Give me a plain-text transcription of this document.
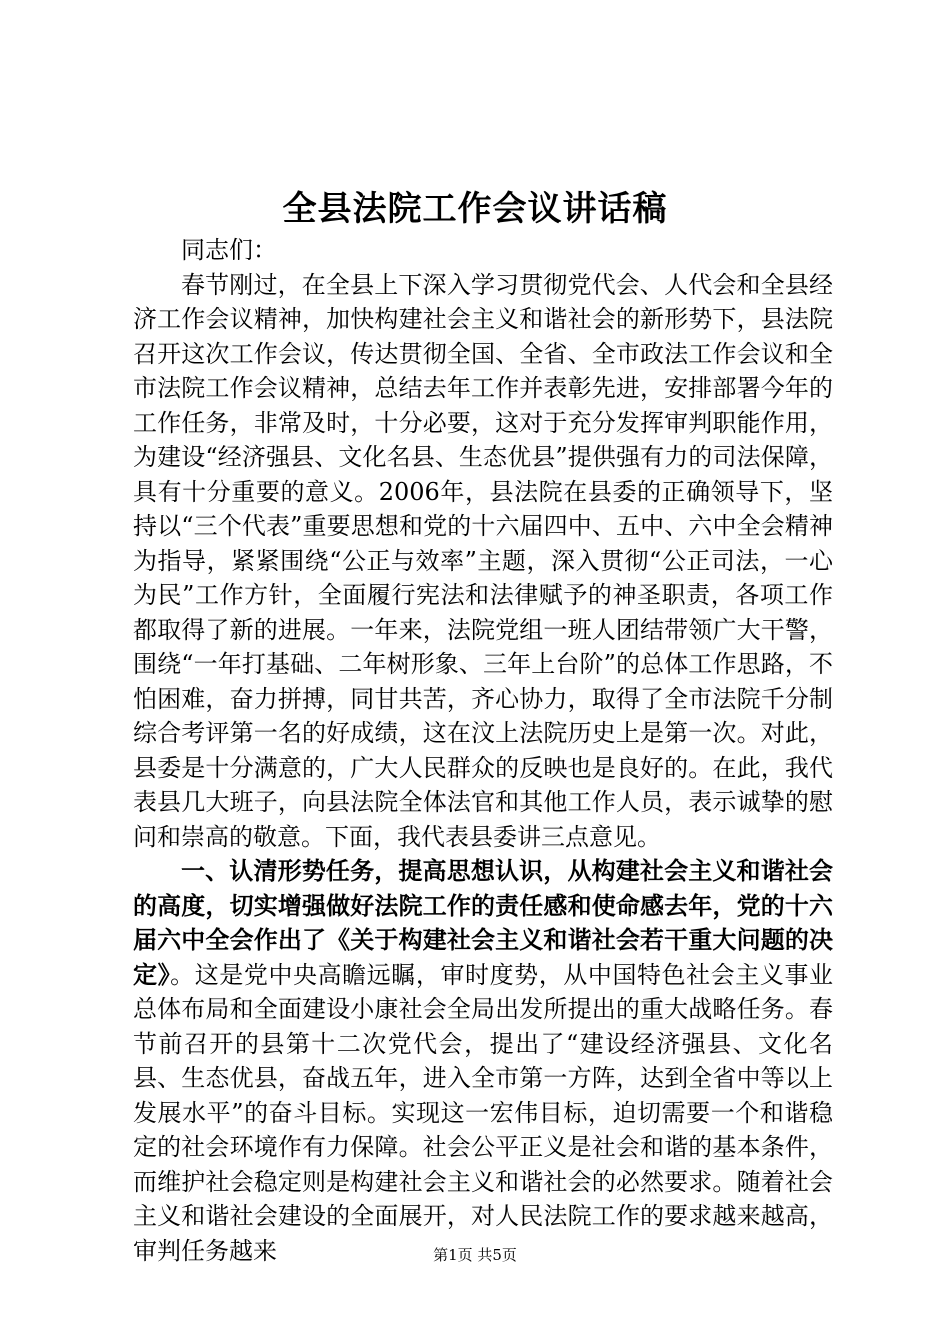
全县法院工作会议讲话稿

同志们：

春节刚过，在全县上下深入学习贯彻党代会、人代会和全县经济工作会议精神，加快构建社会主义和谐社会的新形势下，县法院召开这次工作会议，传达贯彻全国、全省、全市政法工作会议和全市法院工作会议精神，总结去年工作并表彰先进，安排部署今年的工作任务，非常及时，十分必要，这对于充分发挥审判职能作用，为建设“经济强县、文化名县、生态优县”提供强有力的司法保障，具有十分重要的意义。2006年，县法院在县委的正确领导下，坚持以“三个代表”重要思想和党的十六届四中、五中、六中全会精神为指导，紧紧围绕“公正与效率”主题，深入贯彻“公正司法，一心为民”工作方针，全面履行宪法和法律赋予的神圣职责，各项工作都取得了新的进展。一年来，法院党组一班人团结带领广大干警，围绕“一年打基础、二年树形象、三年上台阶”的总体工作思路，不怕困难，奋力拼搏，同甘共苦，齐心协力，取得了全市法院千分制综合考评第一名的好成绩，这在汶上法院历史上是第一次。对此，县委是十分满意的，广大人民群众的反映也是良好的。在此，我代表县几大班子，向县法院全体法官和其他工作人员，表示诚挚的慰问和崇高的敬意。下面，我代表县委讲三点意见。

一、认清形势任务，提高思想认识，从构建社会主义和谐社会的高度，切实增强做好法院工作的责任感和使命感去年，党的十六届六中全会作出了《关于构建社会主义和谐社会若干重大问题的决定》。这是党中央高瞻远瞩，审时度势，从中国特色社会主义事业总体布局和全面建设小康社会全局出发所提出的重大战略任务。春节前召开的县第十二次党代会，提出了“建设经济强县、文化名县、生态优县，奋战五年，进入全市第一方阵，达到全省中等以上发展水平”的奋斗目标。实现这一宏伟目标，迫切需要一个和谐稳定的社会环境作有力保障。社会公平正义是社会和谐的基本条件，而维护社会稳定则是构建社会主义和谐社会的必然要求。随着社会主义和谐社会建设的全面展开，对人民法院工作的要求越来越高，审判任务越来	第1页 共5页
